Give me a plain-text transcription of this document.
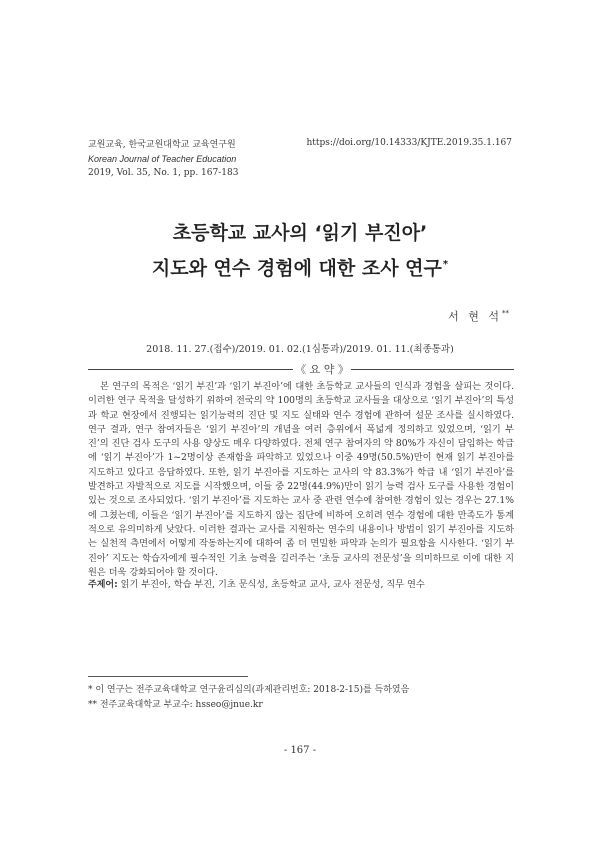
교원교육, 한국교원대학교 교육연구원
Korean Journal of Teacher Education
2019, Vol. 35, No. 1, pp. 167-183
https://doi.org/10.14333/KJTE.2019.35.1.167
초등학교 교사의 ‘읽기 부진아’
지도와 연수 경험에 대한 조사 연구*
서 현 석**
2018. 11. 27.(접수)/2019. 01. 02.(1심통과)/2019. 01. 11.(최종통과)
《 요 약 》

본 연구의 목적은 ‘읽기 부진’과 ‘읽기 부진아’에 대한 초등학교 교사들의 인식과 경험을 살피는 것이다. 이러한 연구 목적을 달성하기 위하여 전국의 약 100명의 초등학교 교사들을 대상으로 ‘읽기 부진아’의 특성과 학교 현장에서 진행되는 읽기능력의 진단 및 지도 실태와 연수 경험에 관하여 설문 조사를 실시하였다. 연구 결과, 연구 참여자들은 ‘읽기 부진아’의 개념을 여러 층위에서 폭넓게 정의하고 있었으며, ‘읽기 부진’의 진단 검사 도구의 사용 양상도 매우 다양하였다. 전체 연구 참여자의 약 80%가 자신이 담임하는 학급에 ‘읽기 부진아’가 1~2명이상 존재함을 파악하고 있었으나 이중 49명(50.5%)만이 현재 읽기 부진아를 지도하고 있다고 응답하였다. 또한, 읽기 부진아를 지도하는 교사의 약 83.3%가 학급 내 ‘읽기 부진아’를 발견하고 자발적으로 지도를 시작했으며, 이들 중 22명(44.9%)만이 읽기 능력 검사 도구를 사용한 경험이 있는 것으로 조사되었다. ‘읽기 부진아’를 지도하는 교사 중 관련 연수에 참여한 경험이 있는 경우는 27.1%에 그쳤는데, 이들은 ‘읽기 부진아’를 지도하지 않는 집단에 비하여 오히려 연수 경험에 대한 만족도가 통계적으로 유의미하게 낮았다. 이러한 결과는 교사를 지원하는 연수의 내용이나 방법이 읽기 부진아를 지도하는 실천적 측면에서 어떻게 작동하는지에 대하여 좀 더 면밀한 파악과 논의가 필요함을 시사한다. ‘읽기 부진아’ 지도는 학습자에게 필수적인 기초 능력을 길러주는 ‘초등 교사의 전문성’을 의미하므로 이에 대한 지원은 더욱 강화되어야 할 것이다.

주제어: 읽기 부진아, 학습 부진, 기초 문식성, 초등학교 교사, 교사 전문성, 직무 연수
* 이 연구는 전주교육대학교 연구윤리심의(과제관리번호: 2018-2-15)를 득하였음
** 전주교육대학교 부교수: hsseo@jnue.kr
- 167 -
